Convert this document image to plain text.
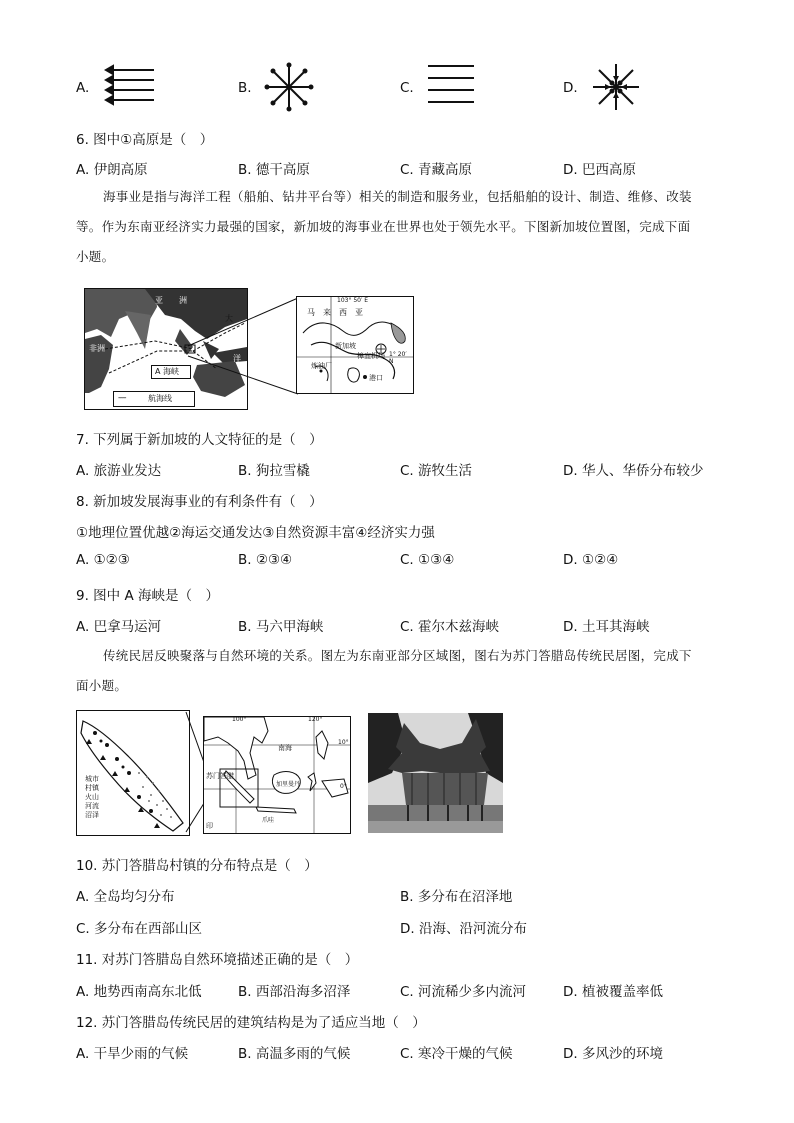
A.	B.	C.	D.
6. 图中①高原是（　）
A. 伊朗高原	B. 德干高原	C. 青藏高原	D. 巴西高原
海事业是指与海洋工程（船舶、钻井平台等）相关的制造和服务业，包括船舶的设计、制造、维修、改装等。作为东南亚经济实力最强的国家，新加坡的海事业在世界也处于领先水平。下图新加坡位置图，完成下面小题。
亚　　洲
非洲
大
洋
A 海峡
----	航海线
103° 50′ E
马　来　西　亚
新加坡
炼油厂
樟宜机场 1° 20′ N
港口
7. 下列属于新加坡的人文特征的是（　）
A. 旅游业发达	B. 狗拉雪橇	C. 游牧生活	D. 华人、华侨分布较少
8. 新加坡发展海事业的有利条件有（　）
①地理位置优越②海运交通发达③自然资源丰富④经济实力强
A. ①②③	B. ②③④	C. ①③④	D. ①②④
9. 图中 A 海峡是（　）
A. 巴拿马运河	B. 马六甲海峡	C. 霍尔木兹海峡	D. 土耳其海峡
传统民居反映聚落与自然环境的关系。图左为东南亚部分区域图，图右为苏门答腊岛传统民居图，完成下面小题。
城市
村镇
火山
河流
沼泽
100°	120°
10°
0°
南海
苏门答腊
印
爪哇
加里曼丹
10. 苏门答腊岛村镇的分布特点是（　）
A. 全岛均匀分布	B. 多分布在沼泽地
C. 多分布在西部山区	D. 沿海、沿河流分布
11. 对苏门答腊岛自然环境描述正确的是（　）
A. 地势西南高东北低	B. 西部沿海多沼泽	C. 河流稀少多内流河	D. 植被覆盖率低
12. 苏门答腊岛传统民居的建筑结构是为了适应当地（　）
A. 干旱少雨的气候	B. 高温多雨的气候	C. 寒冷干燥的气候	D. 多风沙的环境
